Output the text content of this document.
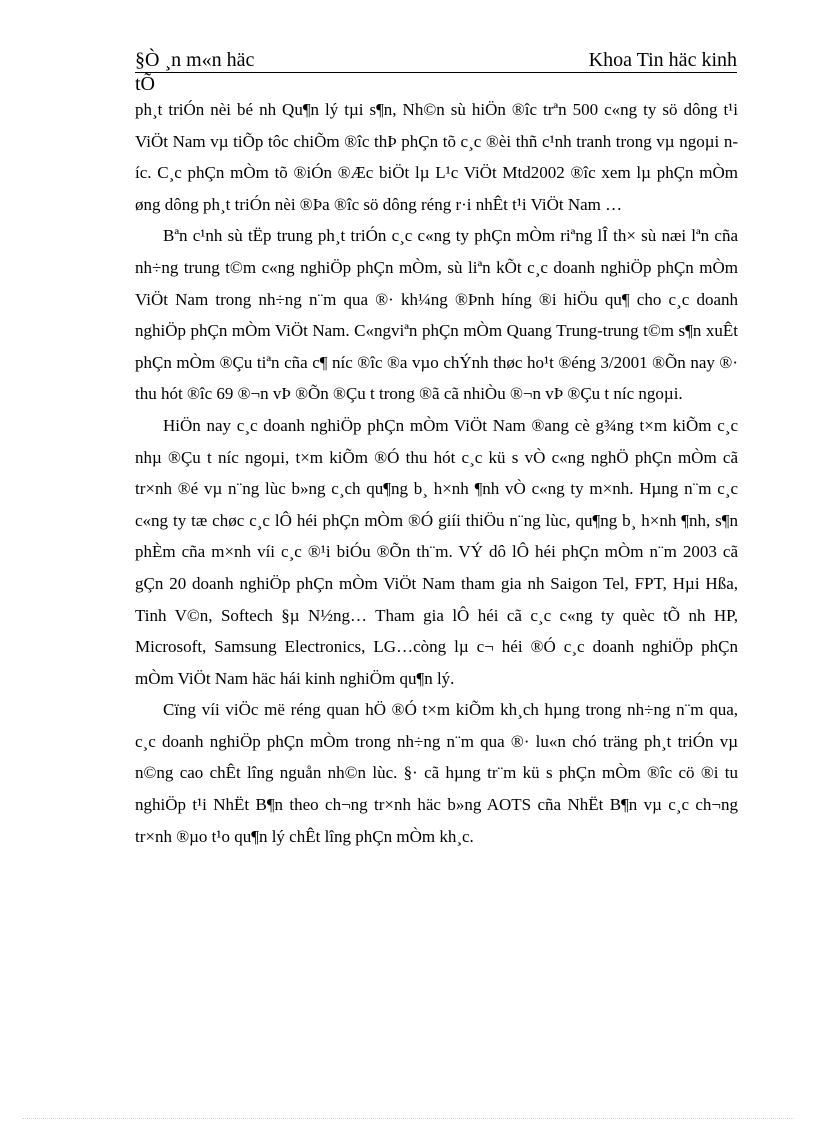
§Ò ¸n m«n häc	Khoa Tin häc kinh
tÕ

ph¸t triÓn nèi bé nh Qu¶n lý tµi s¶n, Nh©n sù hiÖn ®îc trªn 500 c«ng ty sö dông t¹i ViÖt Nam vµ tiÕp tôc chiÕm ®îc thÞ phÇn tõ c¸c ®èi thñ c¹nh tranh trong vµ ngoµi níc. C¸c phÇn mÒm tõ ®iÓn ®Æc biÖt lµ L¹c ViÖt Mtd2002 ®îc xem lµ phÇn mÒm øng dông ph¸t triÓn nèi ®Þa ®îc sö dông réng r·i nhÊt t¹i ViÖt Nam …

Bªn c¹nh sù tËp trung ph¸t triÓn c¸c c«ng ty phÇn mÒm riªng lÎ th× sù næi lªn cña nh÷ng trung t©m c«ng nghiÖp phÇn mÒm, sù liªn kÕt c¸c doanh nghiÖp phÇn mÒm ViÖt Nam trong nh÷ng n¨m qua ®· kh¼ng ®Þnh híng ®i hiÖu qu¶ cho c¸c doanh nghiÖp phÇn mÒm ViÖt Nam. C«ngviªn phÇn mÒm Quang Trung-trung t©m s¶n xuÊt phÇn mÒm ®Çu tiªn cña c¶ níc ®îc ®a vµo chÝnh thøc ho¹t ®éng 3/2001 ®Õn nay ®· thu hót ®îc 69 ®¬n vÞ ®Õn ®Çu t trong ®ã cã nhiÒu ®¬n vÞ ®Çu t níc ngoµi.

HiÖn nay c¸c doanh nghiÖp phÇn mÒm ViÖt Nam ®ang cè g¾ng t×m kiÕm c¸c nhµ ®Çu t níc ngoµi, t×m kiÕm ®Ó thu hót c¸c kü s vÒ c«ng nghÖ phÇn mÒm cã tr×nh ®é vµ n¨ng lùc b»ng c¸ch qu¶ng b¸ h×nh ¶nh vÒ c«ng ty m×nh. Hµng n¨m c¸c c«ng ty tæ chøc c¸c lÔ héi phÇn mÒm ®Ó giíi thiÖu n¨ng lùc, qu¶ng b¸ h×nh ¶nh, s¶n phÈm cña m×nh víi c¸c ®¹i biÓu ®Õn th¨m. VÝ dô lÔ héi phÇn mÒm n¨m 2003 cã gÇn 20 doanh nghiÖp phÇn mÒm ViÖt Nam tham gia nh Saigon Tel, FPT, Hµi Hßa, Tinh V©n, Softech §µ N½ng… Tham gia lÔ héi cã c¸c c«ng ty quèc tÕ nh HP, Microsoft, Samsung Electronics, LG…còng lµ c¬ héi ®Ó c¸c doanh nghiÖp phÇn mÒm ViÖt Nam häc hái kinh nghiÖm qu¶n lý.

Cïng víi viÖc më réng quan hÖ ®Ó t×m kiÕm kh¸ch hµng trong nh÷ng n¨m qua, c¸c doanh nghiÖp phÇn mÒm trong nh÷ng n¨m qua ®· lu«n chó träng ph¸t triÓn vµ n©ng cao chÊt lîng nguån nh©n lùc. §· cã hµng tr¨m kü s phÇn mÒm ®îc cö ®i tu nghiÖp t¹i NhËt B¶n theo ch¬ng tr×nh häc b»ng AOTS cña NhËt B¶n vµ c¸c ch¬ng tr×nh ®µo t¹o qu¶n lý chÊt lîng phÇn mÒm kh¸c.
